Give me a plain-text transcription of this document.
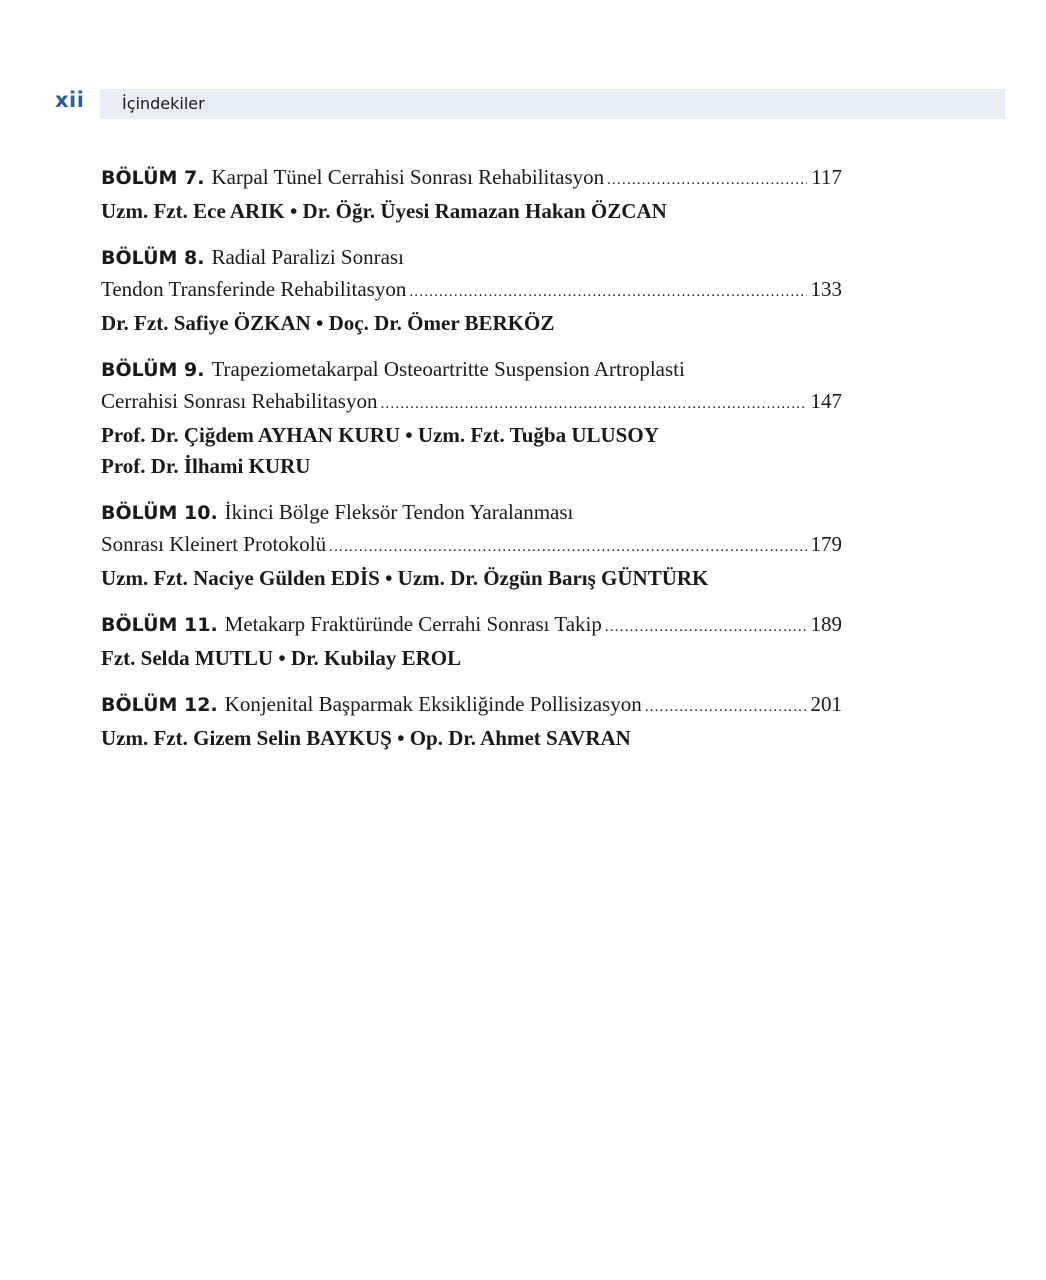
xii İçindekiler
BÖLÜM 7. Karpal Tünel Cerrahisi Sonrası Rehabilitasyon .....	117
Uzm. Fzt. Ece ARIK • Dr. Öğr. Üyesi Ramazan Hakan ÖZCAN
BÖLÜM 8. Radial Paralizi Sonrası
Tendon Transferinde Rehabilitasyon .....	133
Dr. Fzt. Safiye ÖZKAN • Doç. Dr. Ömer BERKÖZ
BÖLÜM 9. Trapeziometakarpal Osteoartritte Suspension Artroplasti
Cerrahisi Sonrası Rehabilitasyon .....	147
Prof. Dr. Çiğdem AYHAN KURU • Uzm. Fzt. Tuğba ULUSOY
Prof. Dr. İlhami KURU
BÖLÜM 10. İkinci Bölge Fleksör Tendon Yaralanması
Sonrası Kleinert Protokolü .....	179
Uzm. Fzt. Naciye Gülden EDİS • Uzm. Dr. Özgün Barış GÜNTÜRK
BÖLÜM 11. Metakarp Fraktüründe Cerrahi Sonrası Takip .....	189
Fzt. Selda MUTLU • Dr. Kubilay EROL
BÖLÜM 12. Konjenital Başparmak Eksikliğinde Pollisizasyon .....	201
Uzm. Fzt. Gizem Selin BAYKUŞ • Op. Dr. Ahmet SAVRAN
